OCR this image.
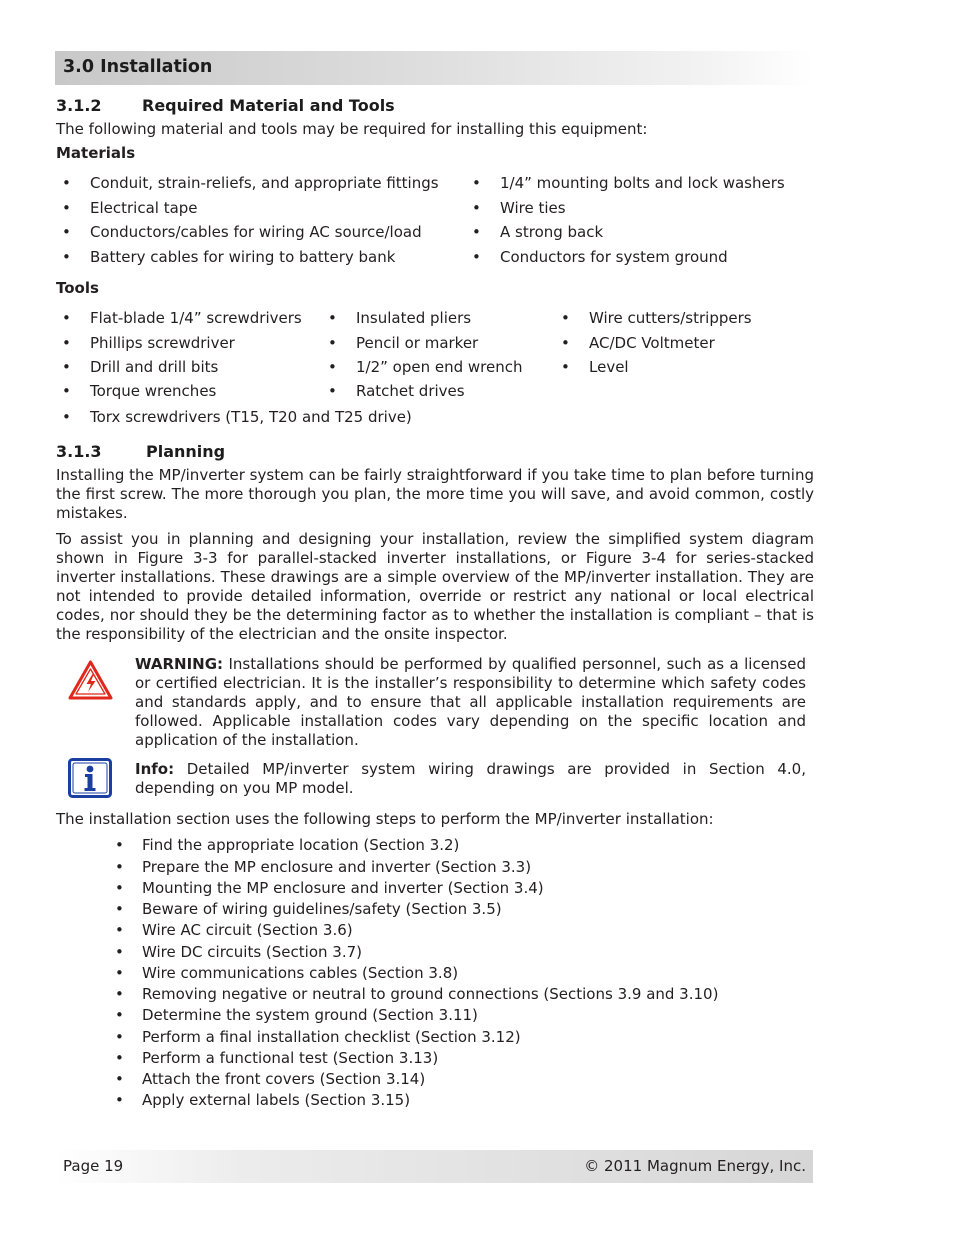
3.0 Installation
3.1.2	Required Material and Tools
The following material and tools may be required for installing this equipment:
Materials
• Conduit, strain-reliefs, and appropriate fittings
• Electrical tape
• Conductors/cables for wiring AC source/load
• Battery cables for wiring to battery bank
• 1/4” mounting bolts and lock washers
• Wire ties
• A strong back
• Conductors for system ground
Tools
• Flat-blade 1/4” screwdrivers
• Phillips screwdriver
• Drill and drill bits
• Torque wrenches
• Torx screwdrivers (T15, T20 and T25 drive)
• Insulated pliers
• Pencil or marker
• 1/2” open end wrench
• Ratchet drives
• Wire cutters/strippers
• AC/DC Voltmeter
• Level
3.1.3	Planning
Installing the MP/inverter system can be fairly straightforward if you take time to plan before turning the first screw. The more thorough you plan, the more time you will save, and avoid common, costly mistakes.
To assist you in planning and designing your installation, review the simplified system diagram shown in Figure 3-3 for parallel-stacked inverter installations, or Figure 3-4 for series-stacked inverter installations. These drawings are a simple overview of the MP/inverter installation. They are not intended to provide detailed information, override or restrict any national or local electrical codes, nor should they be the determining factor as to whether the installation is compliant – that is the responsibility of the electrician and the onsite inspector.
WARNING: Installations should be performed by qualified personnel, such as a licensed or certified electrician. It is the installer’s responsibility to determine which safety codes and standards apply, and to ensure that all applicable installation requirements are followed. Applicable installation codes vary depending on the specific location and application of the installation.
Info: Detailed MP/inverter system wiring drawings are provided in Section 4.0, depending on you MP model.
The installation section uses the following steps to perform the MP/inverter installation:
• Find the appropriate location (Section 3.2)
• Prepare the MP enclosure and inverter (Section 3.3)
• Mounting the MP enclosure and inverter (Section 3.4)
• Beware of wiring guidelines/safety (Section 3.5)
• Wire AC circuit (Section 3.6)
• Wire DC circuits (Section 3.7)
• Wire communications cables (Section 3.8)
• Removing negative or neutral to ground connections (Sections 3.9 and 3.10)
• Determine the system ground (Section 3.11)
• Perform a final installation checklist (Section 3.12)
• Perform a functional test (Section 3.13)
• Attach the front covers (Section 3.14)
• Apply external labels (Section 3.15)
Page 19	© 2011 Magnum Energy, Inc.
